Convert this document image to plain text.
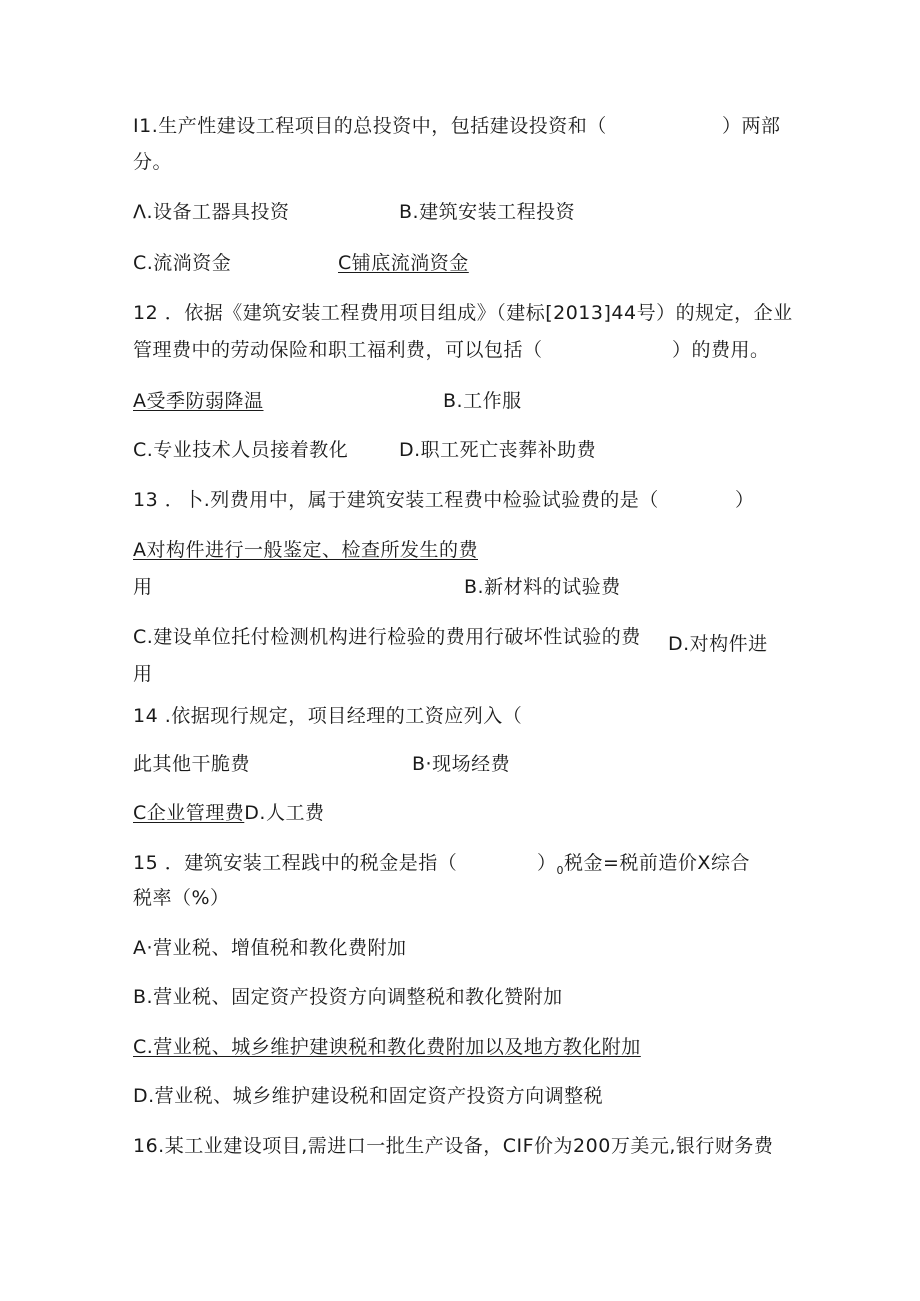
I1.生产性建设工程项目的总投资中，包括建设投资和（	）两部
分。
Λ.设备工器具投资	B.建筑安装工程投资
C.流淌资金	C铺底流淌资金
12 ．依据《建筑安装工程费用项目组成》（建标[2013]44号）的规定，企业
管理费中的劳动保险和职工福利费，可以包括（	）的费用。
A受季防弱降温	B.工作服
C.专业技术人员接着教化	D.职工死亡丧葬补助费
13 ．卜.列费用中，属于建筑安装工程费中检验试验费的是（	）
A对构件进行一般鉴定、检查所发生的费
用	B.新材料的试验费
C.建设单位托付检测机构进行检验的费用行破坏性试验的费 D.对构件进
用
14 .依据现行规定，项目经理的工资应列入（
此其他干脆费	B·现场经费
C企业管理费D.人工费
15 ．建筑安装工程践中的税金是指（	）$_0$税金=税前造价X综合
税率（%）
A·营业税、增值税和教化费附加
B.营业税、固定资产投资方向调整税和教化赞附加
C.营业税、城乡维护建谀税和教化费附加以及地方教化附加
D.营业税、城乡维护建设税和固定资产投资方向调整税
16.某工业建设项目,需进口一批生产设备，CIF价为200万美元,银行财务费
